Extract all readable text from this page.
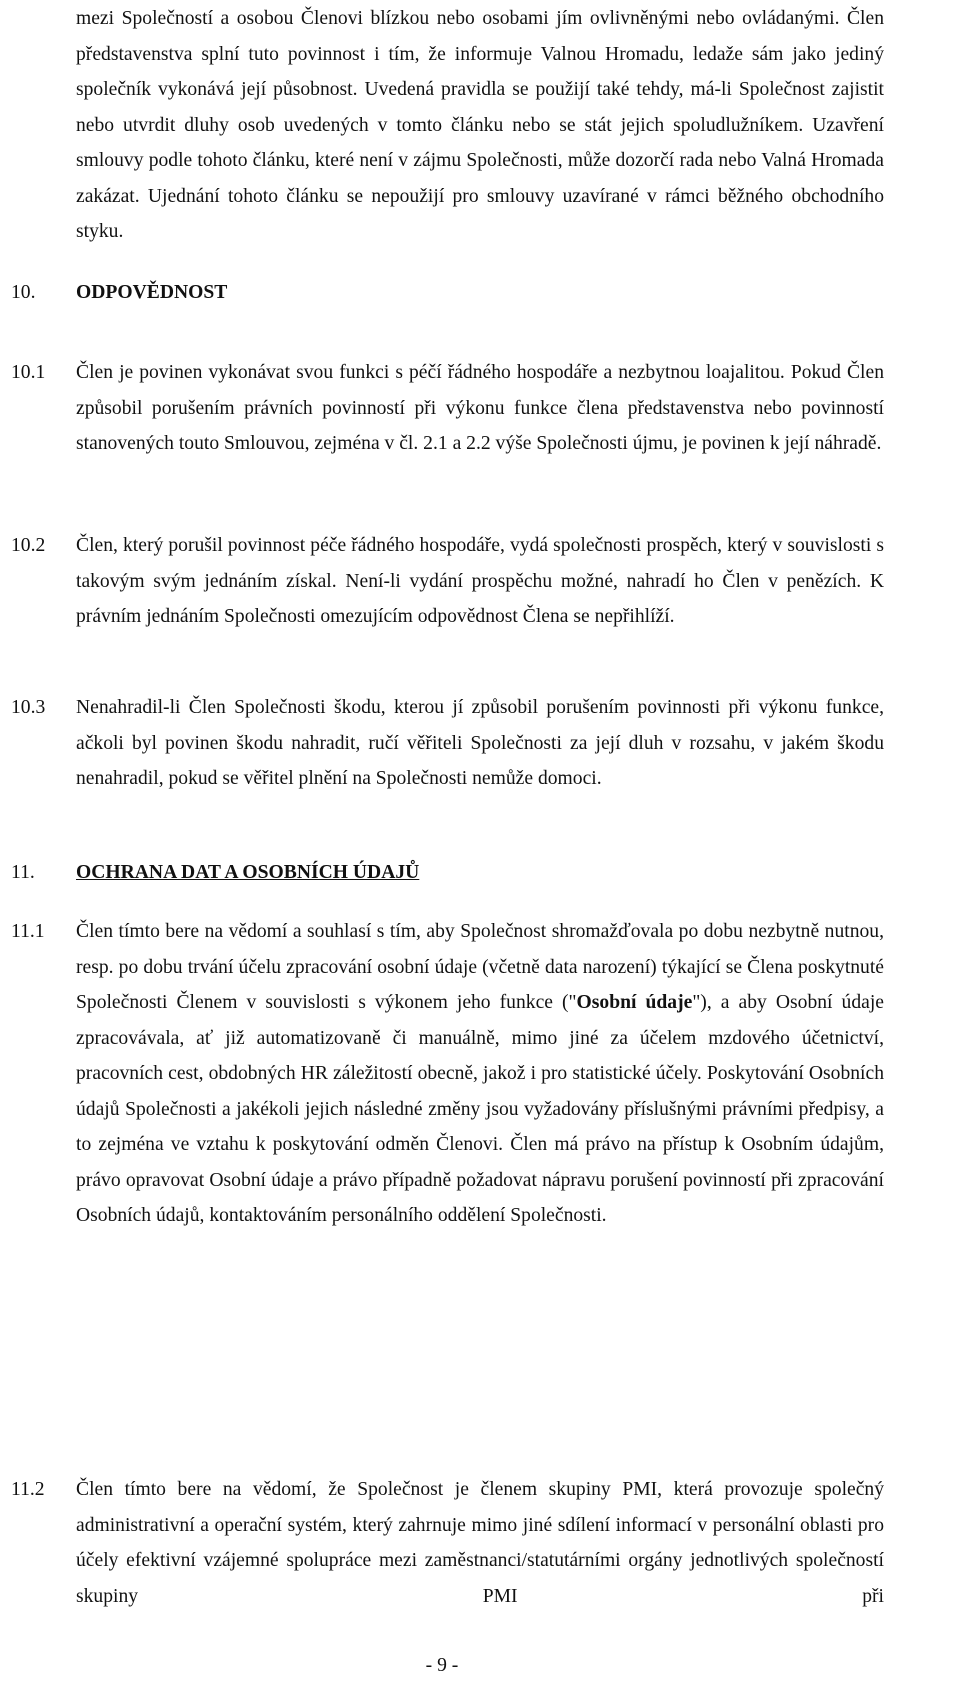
mezi Společností a osobou Členovi blízkou nebo osobami jím ovlivněnými nebo ovládanými. Člen představenstva splní tuto povinnost i tím, že informuje Valnou Hromadu, ledaže sám jako jediný společník vykonává její působnost. Uvedená pravidla se použijí také tehdy, má-li Společnost zajistit nebo utvrdit dluhy osob uvedených v tomto článku nebo se stát jejich spoludlužníkem. Uzavření smlouvy podle tohoto článku, které není v zájmu Společnosti, může dozorčí rada nebo Valná Hromada zakázat. Ujednání tohoto článku se nepoužijí pro smlouvy uzavírané v rámci běžného obchodního styku.

10. ODPOVĚDNOST
10.1 Člen je povinen vykonávat svou funkci s péčí řádného hospodáře a nezbytnou loajalitou. Pokud Člen způsobil porušením právních povinností při výkonu funkce člena představenstva nebo povinností stanovených touto Smlouvou, zejména v čl. 2.1 a 2.2 výše Společnosti újmu, je povinen k její náhradě.

10.2 Člen, který porušil povinnost péče řádného hospodáře, vydá společnosti prospěch, který v souvislosti s takovým svým jednáním získal. Není-li vydání prospěchu možné, nahradí ho Člen v penězích. K právním jednáním Společnosti omezujícím odpovědnost Člena se nepřihlíží.

10.3 Nenahradil-li Člen Společnosti škodu, kterou jí způsobil porušením povinnosti při výkonu funkce, ačkoli byl povinen škodu nahradit, ručí věřiteli Společnosti za její dluh v rozsahu, v jakém škodu nenahradil, pokud se věřitel plnění na Společnosti nemůže domoci.

11. OCHRANA DAT A OSOBNÍCH ÚDAJŮ
11.1 Člen tímto bere na vědomí a souhlasí s tím, aby Společnost shromažďovala po dobu nezbytně nutnou, resp. po dobu trvání účelu zpracování osobní údaje (včetně data narození) týkající se Člena poskytnuté Společnosti Členem v souvislosti s výkonem jeho funkce ("Osobní údaje"), a aby Osobní údaje zpracovávala, ať již automatizovaně či manuálně, mimo jiné za účelem mzdového účetnictví, pracovních cest, obdobných HR záležitostí obecně, jakož i pro statistické účely. Poskytování Osobních údajů Společnosti a jakékoli jejich následné změny jsou vyžadovány příslušnými právními předpisy, a to zejména ve vztahu k poskytování odměn Členovi. Člen má právo na přístup k Osobním údajům, právo opravovat Osobní údaje a právo případně požadovat nápravu porušení povinností při zpracování Osobních údajů, kontaktováním personálního oddělení Společnosti.

11.2 Člen tímto bere na vědomí, že Společnost je členem skupiny PMI, která provozuje společný administrativní a operační systém, který zahrnuje mimo jiné sdílení informací v personální oblasti pro účely efektivní vzájemné spolupráce mezi zaměstnanci/statutárními orgány jednotlivých společností skupiny PMI při

- 9 -
